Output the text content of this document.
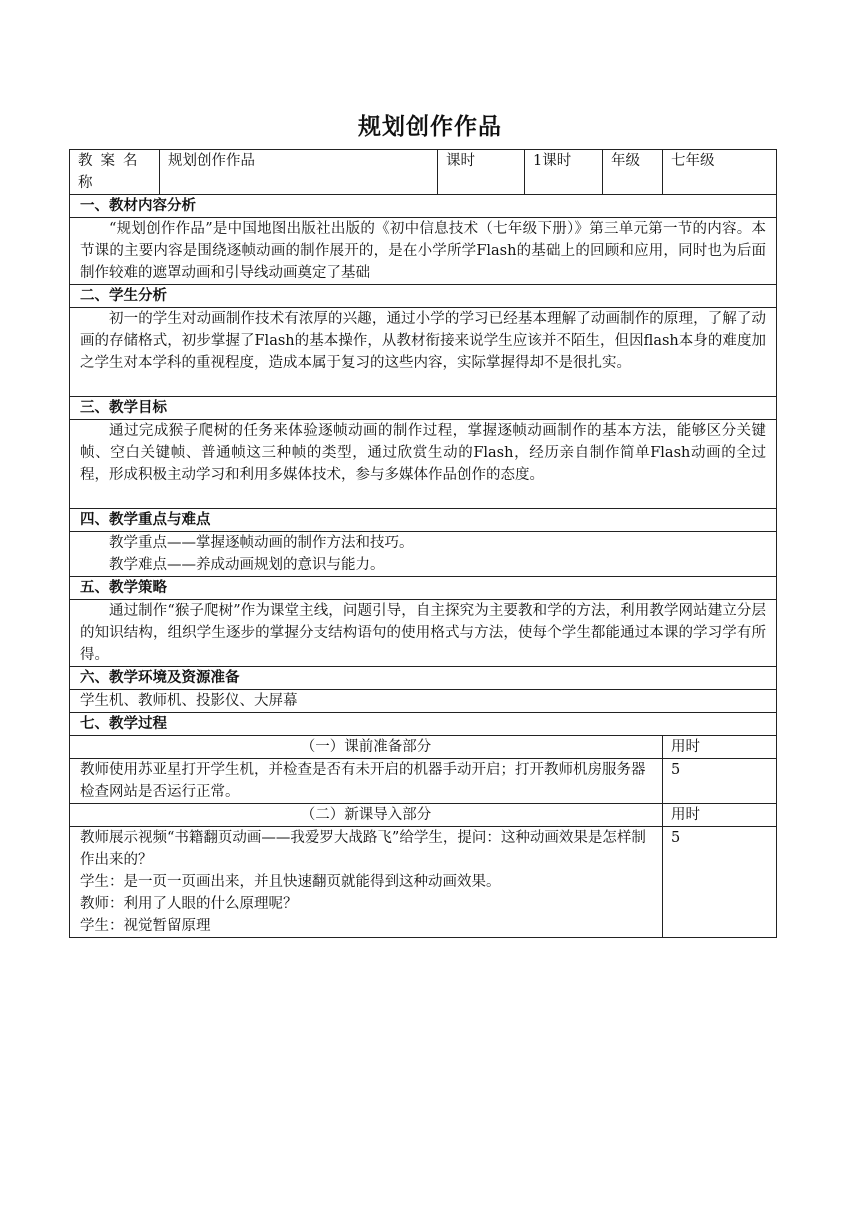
规划创作作品
教案名称	规划创作作品	课时	1课时	年级	七年级
一、教材内容分析					
“规划创作作品”是中国地图出版社出版的《初中信息技术（七年级下册）》第三单元第一节的内容。本节课的主要内容是围绕逐帧动画的制作展开的，是在小学所学Flash的基础上的回顾和应用，同时也为后面制作较难的遮罩动画和引导线动画奠定了基础					
二、学生分析					
初一的学生对动画制作技术有浓厚的兴趣，通过小学的学习已经基本理解了动画制作的原理，了解了动画的存储格式，初步掌握了Flash的基本操作，从教材衔接来说学生应该并不陌生，但因flash本身的难度加之学生对本学科的重视程度，造成本属于复习的这些内容，实际掌握得却不是很扎实。					
三、教学目标					
通过完成猴子爬树的任务来体验逐帧动画的制作过程，掌握逐帧动画制作的基本方法，能够区分关键帧、空白关键帧、普通帧这三种帧的类型，通过欣赏生动的Flash，经历亲自制作简单Flash动画的全过程，形成积极主动学习和利用多媒体技术，参与多媒体作品创作的态度。					
四、教学重点与难点					

教学重点——掌握逐帧动画的制作方法和技巧。
教学难点——养成动画规划的意识与能力。					

五、教学策略					
通过制作“猴子爬树”作为课堂主线，问题引导，自主探究为主要教和学的方法，利用教学网站建立分层的知识结构，组织学生逐步的掌握分支结构语句的使用格式与方法，使每个学生都能通过本课的学习学有所得。					
六、教学环境及资源准备					
学生机、教师机、投影仪、大屏幕					
七、教学过程					
（一）课前准备部分					用时
教师使用苏亚星打开学生机，并检查是否有未开启的机器手动开启；打开教师机房服务器检查网站是否运行正常。					5
（二）新课导入部分					用时

教师展示视频“书籍翻页动画——我爱罗大战路飞”给学生，提问：这种动画效果是怎样制作出来的？
学生：是一页一页画出来，并且快速翻页就能得到这种动画效果。
教师：利用了人眼的什么原理呢？
学生：视觉暂留原理					5
